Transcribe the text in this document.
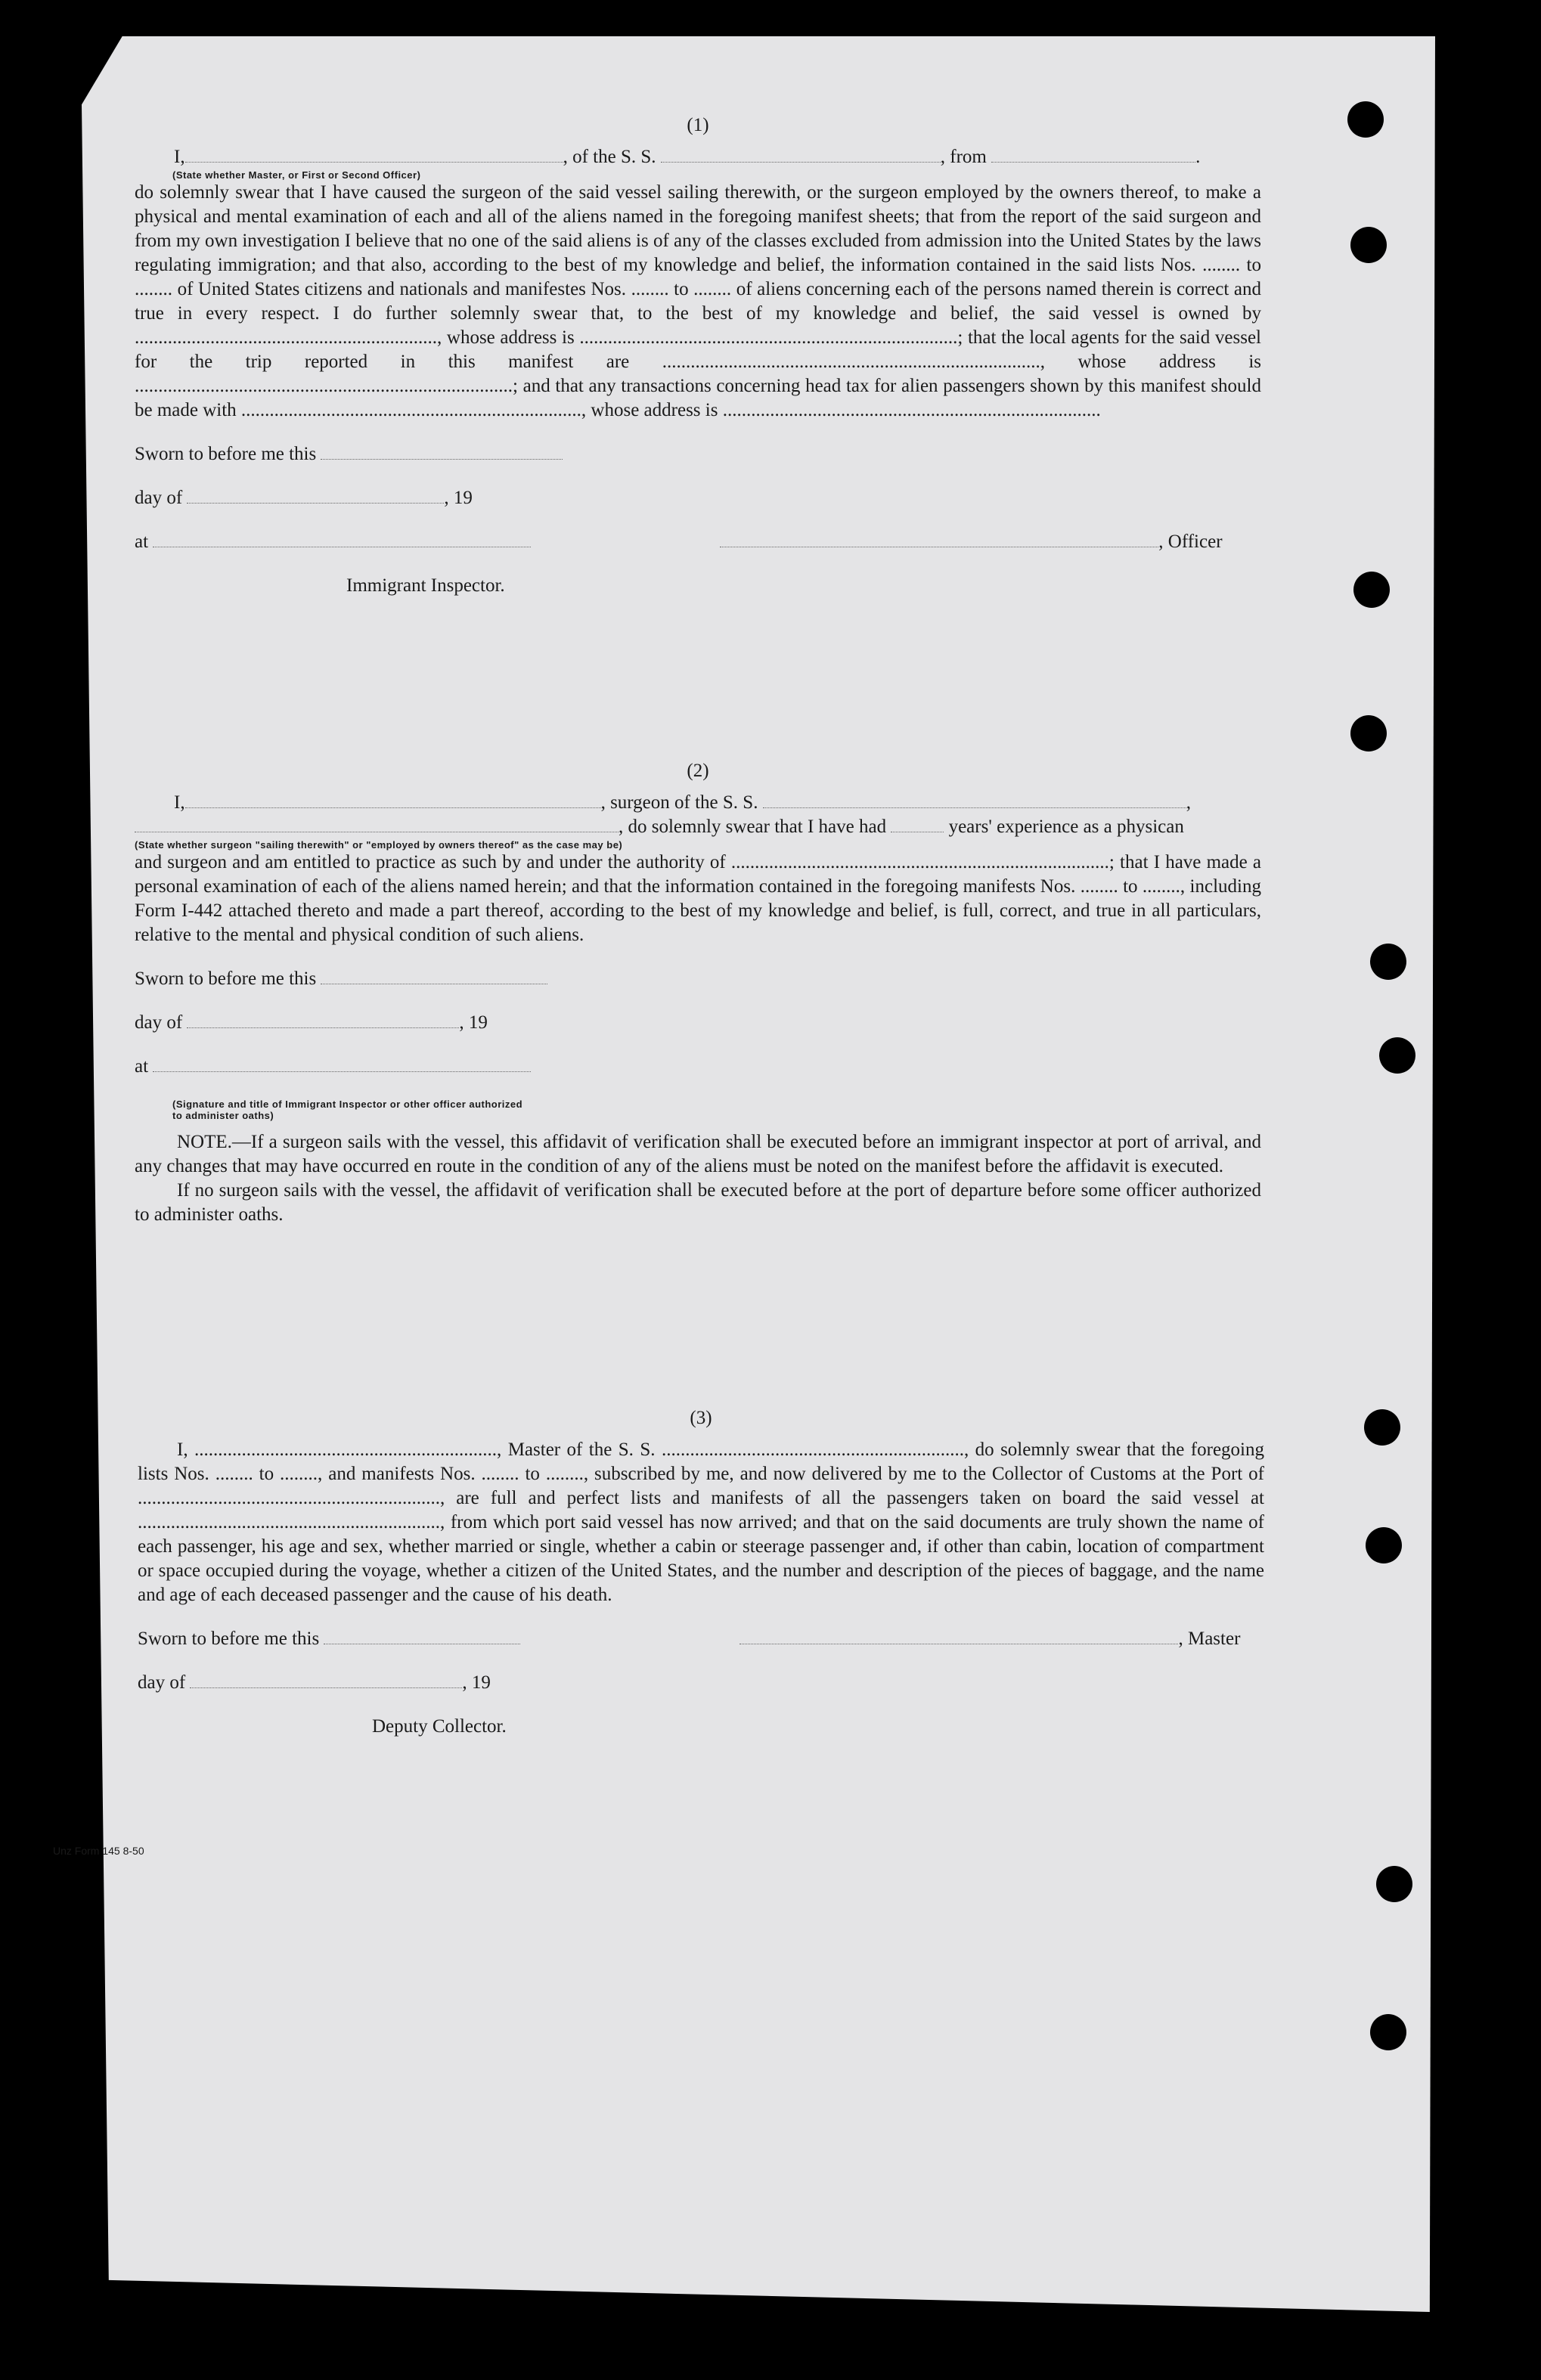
(1)
I,	, of the S. S.	, from	.
(State whether Master, or First or Second Officer)

do solemnly swear that I have caused the surgeon of the said vessel sailing therewith, or the surgeon employed by the owners thereof, to make a physical and mental examination of each and all of the aliens named in the foregoing manifest sheets; that from the report of the said surgeon and from my own investigation I believe that no one of the said aliens is of any of the classes excluded from admission into the United States by the laws regulating immigration; and that also, according to the best of my knowledge and belief, the information contained in the said lists Nos. ........ to ........ of United States citizens and nationals and manifestes Nos. ........ to ........ of aliens concerning each of the persons named therein is correct and true in every respect. I do further solemnly swear that, to the best of my knowledge and belief, the said vessel is owned by ................................................................, whose address is ................................................................................; that the local agents for the said vessel for the trip reported in this manifest are ................................................................................, whose address is ................................................................................; and that any transactions concerning head tax for alien passengers shown by this manifest should be made with ........................................................................, whose address is ................................................................................

Sworn to before me this
day of	, 19
at	, Officer
Immigrant Inspector.
(2)
I,	, surgeon of the S. S.	,
, do solemnly swear that I have had	years' experience as a physican
(State whether surgeon "sailing therewith" or "employed by owners thereof" as the case may be)

and surgeon and am entitled to practice as such by and under the authority of ................................................................................; that I have made a personal examination of each of the aliens named herein; and that the information contained in the foregoing manifests Nos. ........ to ........, including Form I-442 attached thereto and made a part thereof, according to the best of my knowledge and belief, is full, correct, and true in all particulars, relative to the mental and physical condition of such aliens.

Sworn to before me this
day of	, 19
at
(Signature and title of Immigrant Inspector or other officer authorized to administer oaths)

NOTE.—If a surgeon sails with the vessel, this affidavit of verification shall be executed before an immigrant inspector at port of arrival, and any changes that may have occurred en route in the condition of any of the aliens must be noted on the manifest before the affidavit is executed.

If no surgeon sails with the vessel, the affidavit of verification shall be executed before at the port of departure before some officer authorized to administer oaths.

(3)

I, ................................................................, Master of the S. S. ................................................................, do solemnly swear that the foregoing lists Nos. ........ to ........, and manifests Nos. ........ to ........, subscribed by me, and now delivered by me to the Collector of Customs at the Port of ................................................................, are full and perfect lists and manifests of all the passengers taken on board the said vessel at ................................................................, from which port said vessel has now arrived; and that on the said documents are truly shown the name of each passenger, his age and sex, whether married or single, whether a cabin or steerage passenger and, if other than cabin, location of compartment or space occupied during the voyage, whether a citizen of the United States, and the number and description of the pieces of baggage, and the name and age of each deceased passenger and the cause of his death.

Sworn to before me this	, Master
day of	, 19
Deputy Collector.
Unz Form 145 8-50
